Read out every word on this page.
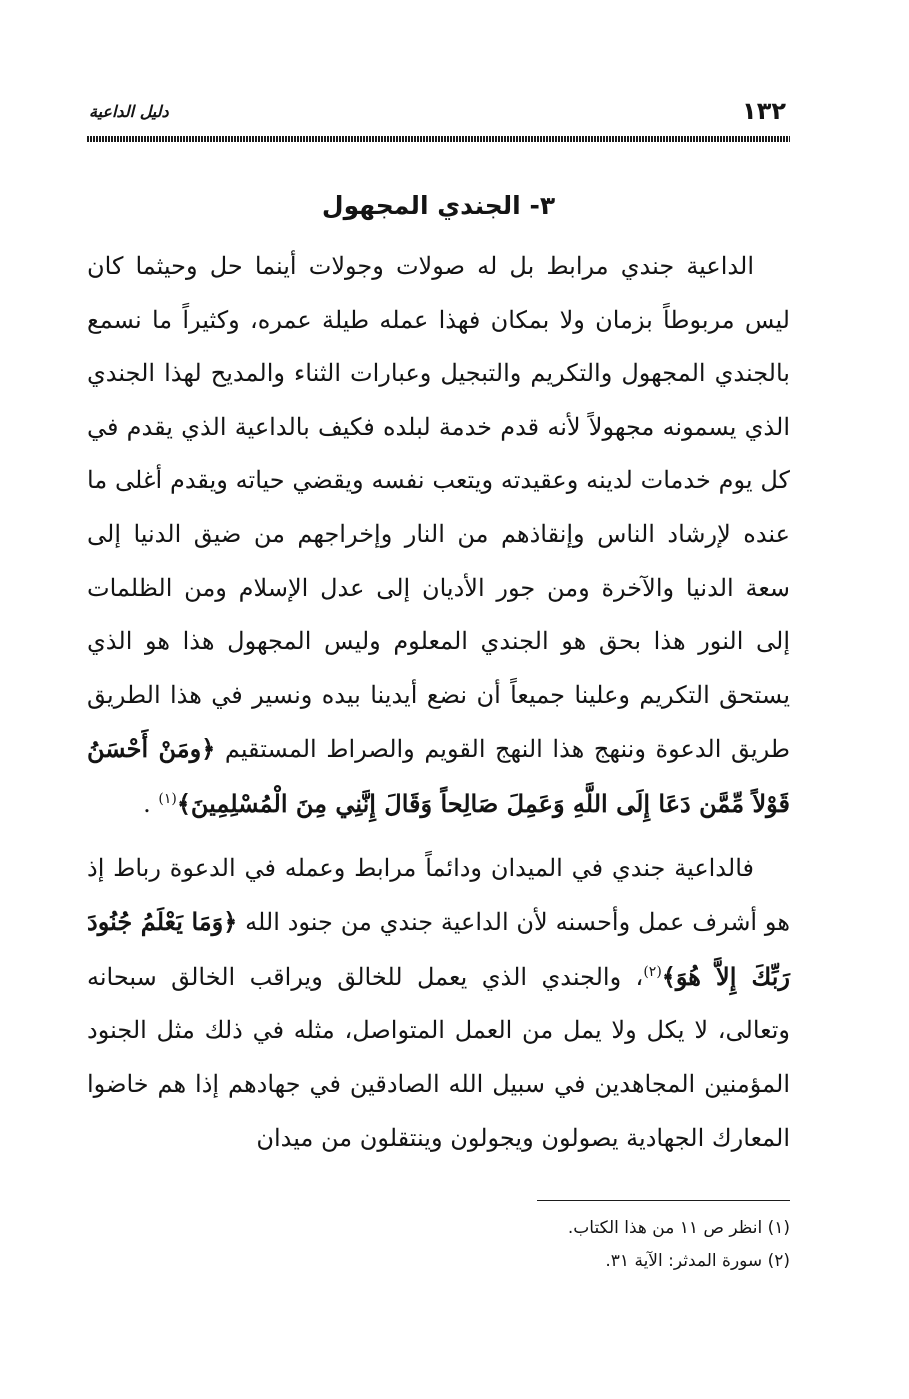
١٣٢
دليل الداعية
٣- الجندي المجهول

الداعية جندي مرابط بل له صولات وجولات أينما حل وحيثما كان ليس مربوطاً بزمان ولا بمكان فهذا عمله طيلة عمره، وكثيراً ما نسمع بالجندي المجهول والتكريم والتبجيل وعبارات الثناء والمديح لهذا الجندي الذي يسمونه مجهولاً لأنه قدم خدمة لبلده فكيف بالداعية الذي يقدم في كل يوم خدمات لدينه وعقيدته ويتعب نفسه ويقضي حياته ويقدم أغلى ما عنده لإرشاد الناس وإنقاذهم من النار وإخراجهم من ضيق الدنيا إلى سعة الدنيا والآخرة ومن جور الأديان إلى عدل الإسلام ومن الظلمات إلى النور هذا بحق هو الجندي المعلوم وليس المجهول هذا هو الذي يستحق التكريم وعلينا جميعاً أن نضع أيدينا بيده ونسير في هذا الطريق طريق الدعوة وننهج هذا النهج القويم والصراط المستقيم ﴿ومَنْ أَحْسَنُ قَوْلاً مِّمَّن دَعَا إِلَى اللَّهِ وَعَمِلَ صَالِحاً وَقَالَ إِنَّنِي مِنَ الْمُسْلِمِينَ﴾$^{(١)}$ .

فالداعية جندي في الميدان ودائماً مرابط وعمله في الدعوة رباط إذ هو أشرف عمل وأحسنه لأن الداعية جندي من جنود الله ﴿وَمَا يَعْلَمُ جُنُودَ رَبِّكَ إِلاَّ هُوَ﴾$^{(٢)}$، والجندي الذي يعمل للخالق ويراقب الخالق سبحانه وتعالى، لا يكل ولا يمل من العمل المتواصل، مثله في ذلك مثل الجنود المؤمنين المجاهدين في سبيل الله الصادقين في جهادهم إذا هم خاضوا المعارك الجهادية يصولون ويجولون وينتقلون من ميدان

(١) انظر ص ١١ من هذا الكتاب.

(٢) سورة المدثر: الآية ٣١.
